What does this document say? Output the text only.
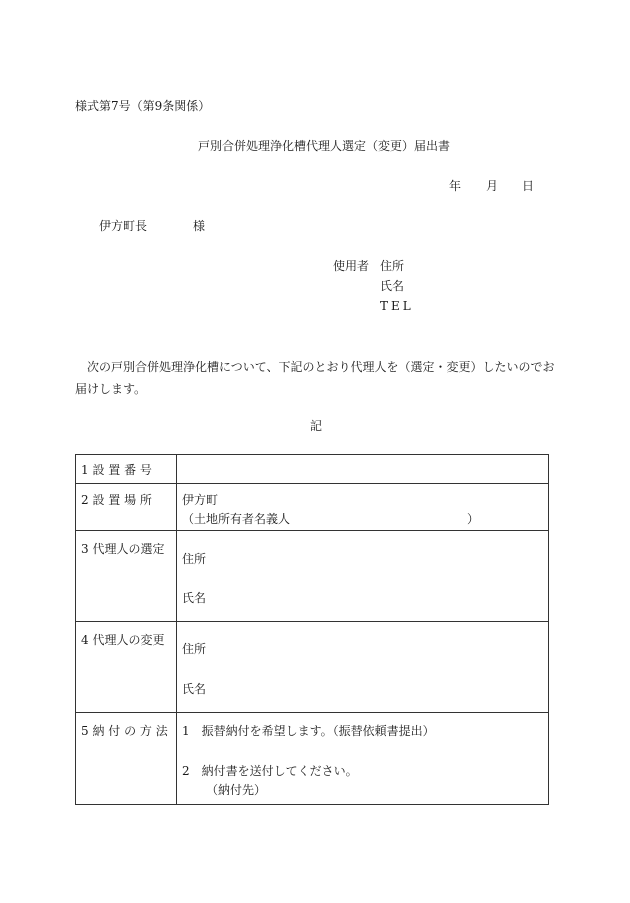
様式第7号（第9条関係）
戸別合併処理浄化槽代理人選定（変更）届出書
年 月 日
伊方町長	様
使用者 住所
氏名
TEL
次の戸別合併処理浄化槽について、下記のとおり代理人を（選定・変更）したいのでお届けします。
記
1 設 置 番 号	

2 設 置 場 所	伊方町
（土地所有者名義人 ）

3 代理人の選定	住所
氏名

4 代理人の変更	住所
氏名

5 納 付 の 方 法	1　振替納付を希望します。（振替依頼書提出）
2　納付書を送付してください。
（納付先）
